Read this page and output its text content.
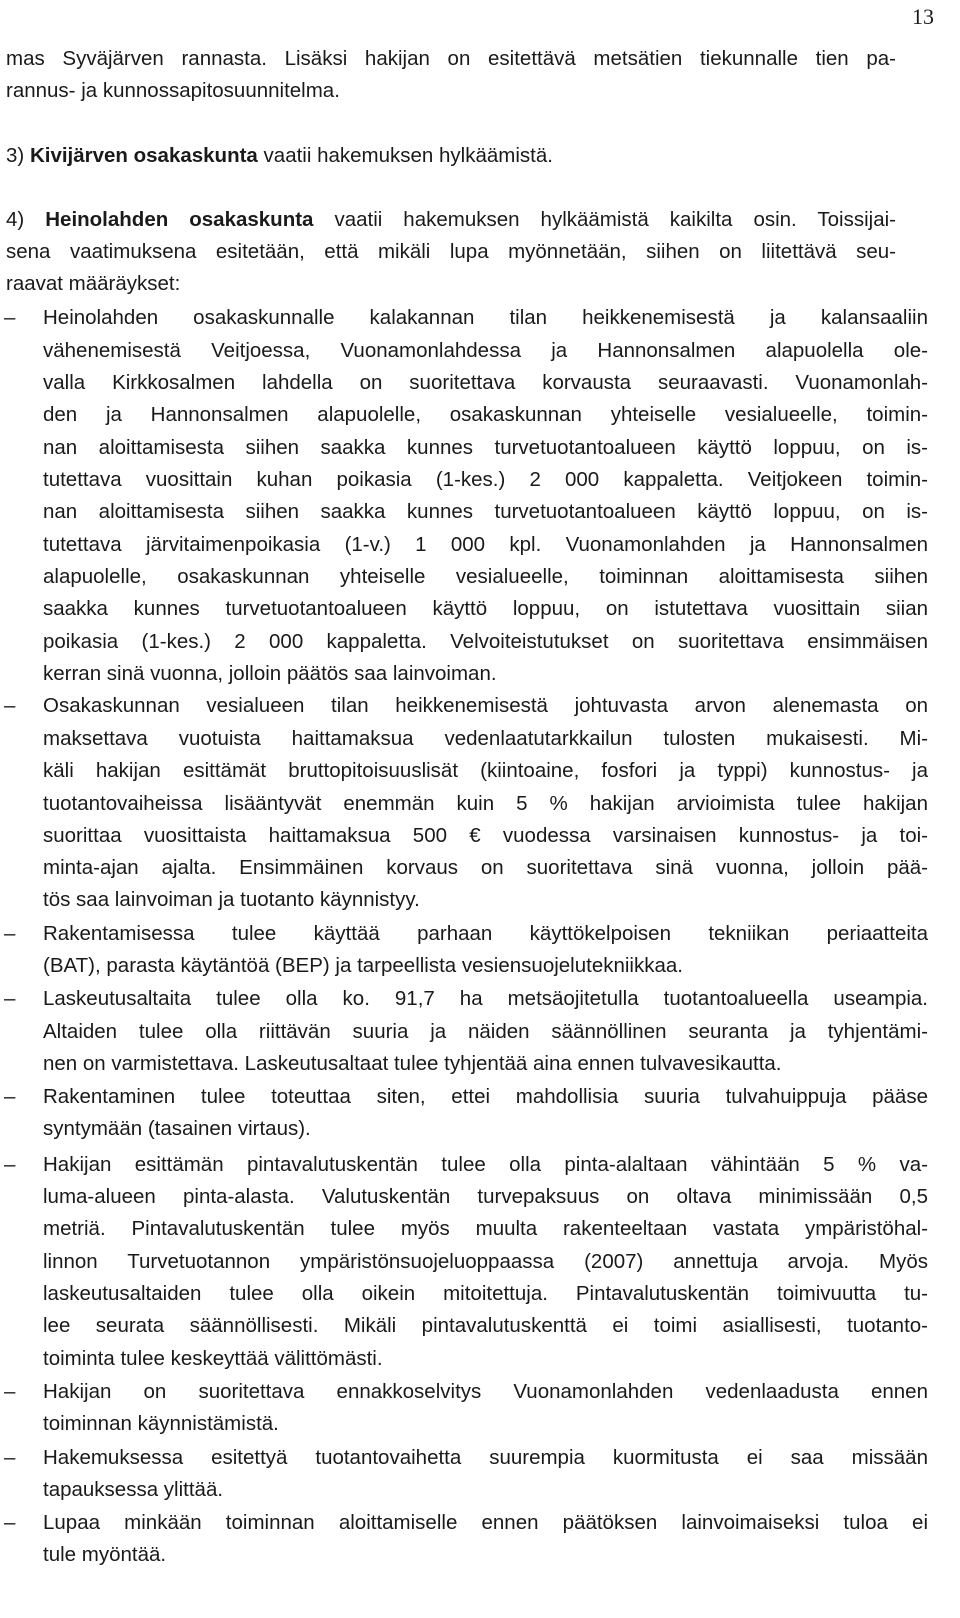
13
mas Syväjärven rannasta. Lisäksi hakijan on esitettävä metsätien tiekunnalle tien pa-
rannus- ja kunnossapitosuunnitelma.
3) Kivijärven osakaskunta vaatii hakemuksen hylkäämistä.
4) Heinolahden osakaskunta vaatii hakemuksen hylkäämistä kaikilta osin. Toissijai-
sena vaatimuksena esitetään, että mikäli lupa myönnetään, siihen on liitettävä seu-
raavat määräykset:
– Heinolahden osakaskunnalle kalakannan tilan heikkenemisestä ja kalansaaliin
vähenemisestä Veitjoessa, Vuonamonlahdessa ja Hannonsalmen alapuolella ole-
valla Kirkkosalmen lahdella on suoritettava korvausta seuraavasti. Vuonamonlah-
den ja Hannonsalmen alapuolelle, osakaskunnan yhteiselle vesialueelle, toimin-
nan aloittamisesta siihen saakka kunnes turvetuotantoalueen käyttö loppuu, on is-
tutettava vuosittain kuhan poikasia (1-kes.) 2 000 kappaletta. Veitjokeen toimin-
nan aloittamisesta siihen saakka kunnes turvetuotantoalueen käyttö loppuu, on is-
tutettava järvitaimenpoikasia (1-v.) 1 000 kpl. Vuonamonlahden ja Hannonsalmen
alapuolelle, osakaskunnan yhteiselle vesialueelle, toiminnan aloittamisesta siihen
saakka kunnes turvetuotantoalueen käyttö loppuu, on istutettava vuosittain siian
poikasia (1-kes.) 2 000 kappaletta. Velvoiteistutukset on suoritettava ensimmäisen
kerran sinä vuonna, jolloin päätös saa lainvoiman.
– Osakaskunnan vesialueen tilan heikkenemisestä johtuvasta arvon alenemasta on
maksettava vuotuista haittamaksua vedenlaatutarkkailun tulosten mukaisesti. Mi-
käli hakijan esittämät bruttopitoisuuslisät (kiintoaine, fosfori ja typpi) kunnostus- ja
tuotantovaiheissa lisääntyvät enemmän kuin 5 % hakijan arvioimista tulee hakijan
suorittaa vuosittaista haittamaksua 500 € vuodessa varsinaisen kunnostus- ja toi-
minta-ajan ajalta. Ensimmäinen korvaus on suoritettava sinä vuonna, jolloin pää-
tös saa lainvoiman ja tuotanto käynnistyy.
– Rakentamisessa tulee käyttää parhaan käyttökelpoisen tekniikan periaatteita
(BAT), parasta käytäntöä (BEP) ja tarpeellista vesiensuojelutekniikkaa.
– Laskeutusaltaita tulee olla ko. 91,7 ha metsäojitetulla tuotantoalueella useampia.
Altaiden tulee olla riittävän suuria ja näiden säännöllinen seuranta ja tyhjentämi-
nen on varmistettava. Laskeutusaltaat tulee tyhjentää aina ennen tulvavesikautta.
– Rakentaminen tulee toteuttaa siten, ettei mahdollisia suuria tulvahuippuja pääse
syntymään (tasainen virtaus).
– Hakijan esittämän pintavalutuskentän tulee olla pinta-alaltaan vähintään 5 % va-
luma-alueen pinta-alasta. Valutuskentän turvepaksuus on oltava minimissään 0,5
metriä. Pintavalutuskentän tulee myös muulta rakenteeltaan vastata ympäristöhal-
linnon Turvetuotannon ympäristönsuojeluoppaassa (2007) annettuja arvoja. Myös
laskeutusaltaiden tulee olla oikein mitoitettuja. Pintavalutuskentän toimivuutta tu-
lee seurata säännöllisesti. Mikäli pintavalutuskenttä ei toimi asiallisesti, tuotanto-
toiminta tulee keskeyttää välittömästi.
– Hakijan on suoritettava ennakkoselvitys Vuonamonlahden vedenlaadusta ennen
toiminnan käynnistämistä.
– Hakemuksessa esitettyä tuotantovaihetta suurempia kuormitusta ei saa missään
tapauksessa ylittää.
– Lupaa minkään toiminnan aloittamiselle ennen päätöksen lainvoimaiseksi tuloa ei
tule myöntää.
